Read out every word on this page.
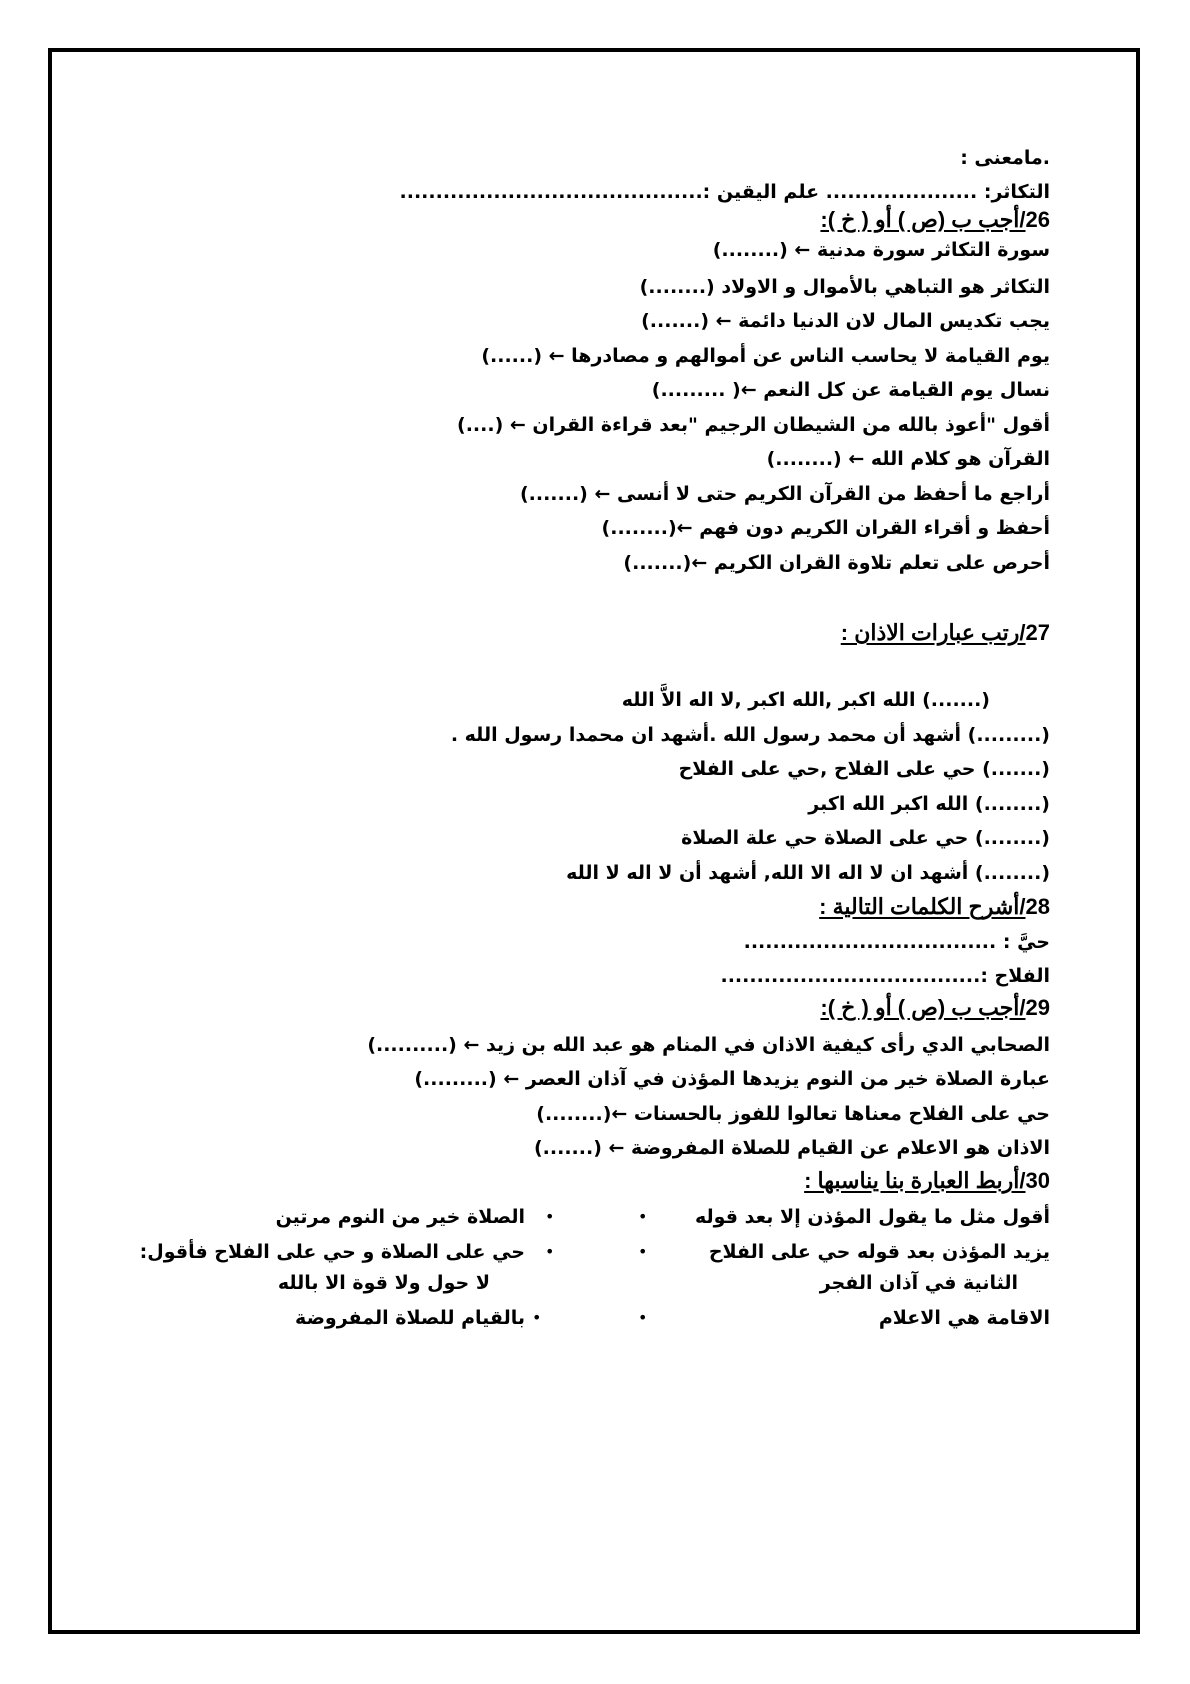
.مامعنى :
التكاثر: ..................... علم اليقين :..........................................
26/أجب ب (ص ) أو ( خ ):
سورة التكاثر سورة مدنية ← (........)
التكاثر هو التباهي بالأموال و الاولاد (........)
يجب تكديس المال لان الدنيا دائمة ← (.......)
يوم القيامة لا يحاسب الناس عن أموالهم و مصادرها ← (......)
نسال يوم القيامة عن كل النعم ←( .........)
أقول "أعوذ بالله من الشيطان الرجيم "بعد قراءة القران ← (....)
القرآن هو كلام الله ← (........)
أراجع ما أحفظ من القرآن الكريم حتى لا أنسى ← (.......)
أحفظ و أقراء القران الكريم دون فهم ←(........)
أحرص على تعلم تلاوة القران الكريم ←(.......)
27/رتب عبارات الاذان :
(.......) الله اكبر ,الله اكبر ,لا اله الاَّ الله
(.........) أشهد أن محمد رسول الله .أشهد ان محمدا رسول الله .
(.......) حي على الفلاح ,حي على الفلاح
(........) الله اكبر الله اكبر
(........) حي على الصلاة حي علة الصلاة
(........) أشهد ان لا اله الا الله, أشهد أن لا اله لا الله
28/أشرح الكلمات التالية :
حيَّ : ...................................
الفلاح :....................................
29/أجب ب (ص ) أو ( خ ):
الصحابي الدي رأى كيفية الاذان في المنام هو عبد الله بن زيد ← (..........)
عبارة الصلاة خير من النوم يزيدها المؤذن في آذان العصر ← (.........)
حي على الفلاح معناها تعالوا للفوز بالحسنات ←(........)
الاذان هو الاعلام عن القيام للصلاة المفروضة ← (.......)
30/أربط العبارة بنا يناسبها :
أقول مثل ما يقول المؤذن إلا بعد قوله
•
يزيد المؤذن بعد قوله حي على الفلاح
•
الثانية في آذان الفجر
الاقامة هي الاعلام
•
الصلاة خير من النوم مرتين •
حي على الصلاة و حي على الفلاح فأقول: •
لا حول ولا قوة الا بالله
بالقيام للصلاة المفروضة •
